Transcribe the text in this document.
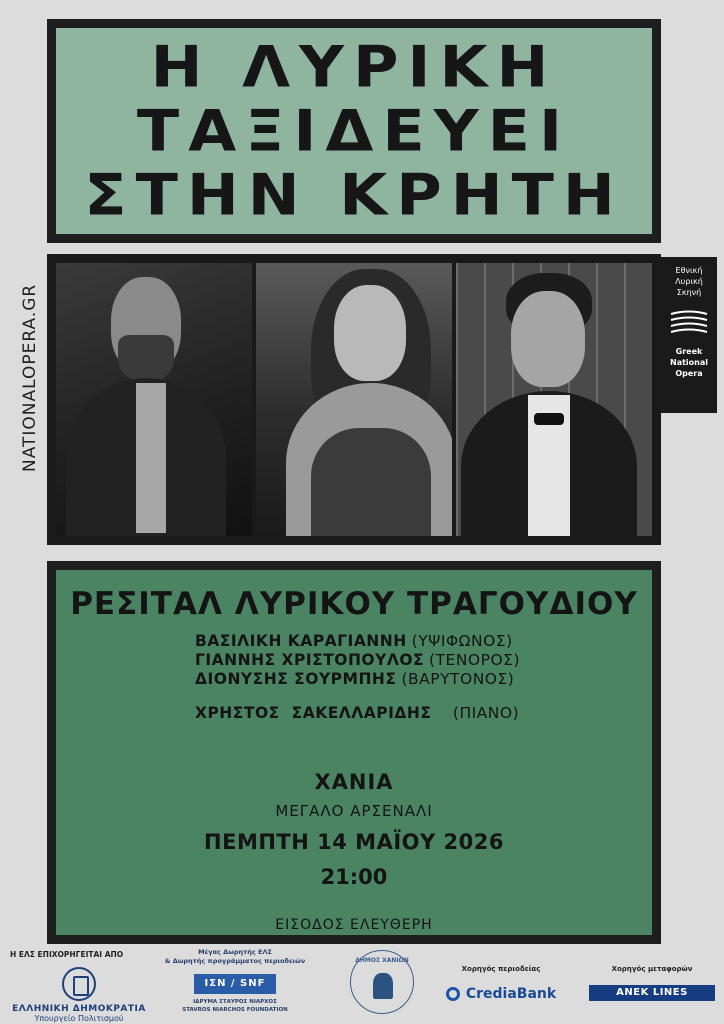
Η ΛΥΡΙΚΗ
ΤΑΞΙΔΕΥΕΙ
ΣΤΗΝ ΚΡΗΤΗ
NATIONALOPERA.GR
Εθνική
Λυρική
Σκηνή
Greek
National
Opera
ΡΕΣΙΤΑΛ ΛΥΡΙΚΟΥ ΤΡΑΓΟΥΔΙΟΥ
ΒΑΣΙΛΙΚΗ ΚΑΡΑΓΙΑΝΝΗ (ΥΨΙΦΩΝΟΣ)
ΓΙΑΝΝΗΣ ΧΡΙΣΤΟΠΟΥΛΟΣ (ΤΕΝΟΡΟΣ)
ΔΙΟΝΥΣΗΣ ΣΟΥΡΜΠΗΣ (ΒΑΡΥΤΟΝΟΣ)
ΧΡΗΣΤΟΣ ΣΑΚΕΛΛΑΡΙΔΗΣ (ΠΙΑΝΟ)
ΧΑΝΙΑ
ΜΕΓΑΛΟ ΑΡΣΕΝΑΛΙ
ΠΕΜΠΤΗ 14 ΜΑΪΟΥ 2026
21:00
ΕΙΣΟΔΟΣ ΕΛΕΥΘΕΡΗ
Η ΕΛΣ ΕΠΙΧΟΡΗΓΕΙΤΑΙ ΑΠΟ
ΕΛΛΗΝΙΚΗ ΔΗΜΟΚΡΑΤΙΑ
Υπουργείο Πολιτισμού
Μέγας Δωρητής ΕΛΣ
& Δωρητής προγράμματος περιοδειών
ΙΣΝ / SNF
ΙΔΡΥΜΑ ΣΤΑΥΡΟΣ ΝΙΑΡΧΟΣ
STAVROS NIARCHOS FOUNDATION
ΔΗΜΟΣ ΧΑΝΙΩΝ
Χορηγός περιοδείας
CrediaBank
Χορηγός μεταφορών
ANEK LINES
